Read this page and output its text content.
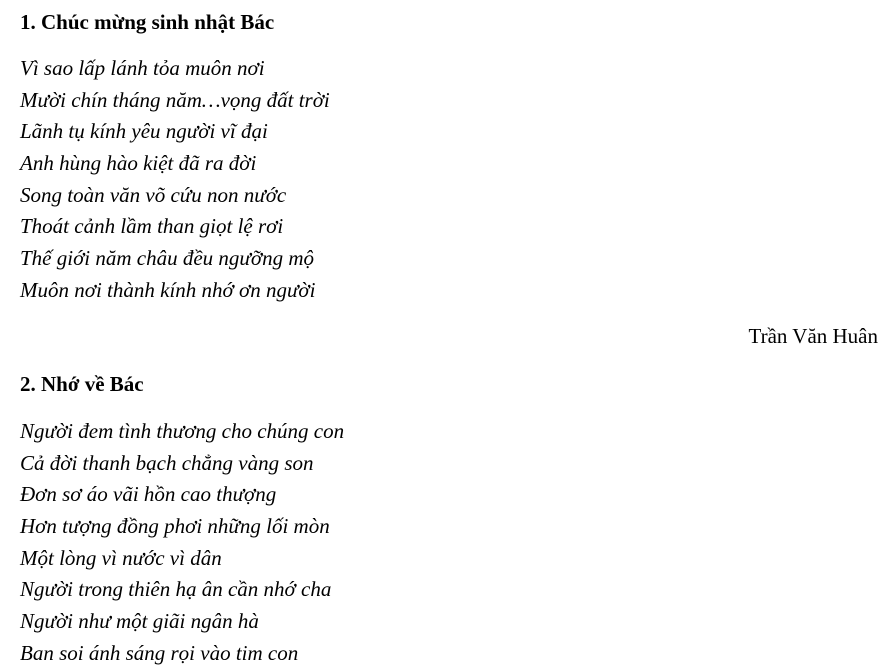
1. Chúc mừng sinh nhật Bác
Vì sao lấp lánh tỏa muôn nơi
Mười chín tháng năm…vọng đất trời
Lãnh tụ kính yêu người vĩ đại
Anh hùng hào kiệt đã ra đời
Song toàn văn võ cứu non nước
Thoát cảnh lầm than giọt lệ rơi
Thế giới năm châu đều ngưỡng mộ
Muôn nơi thành kính nhớ ơn người

Trần Văn Huân

2. Nhớ về Bác
Người đem tình thương cho chúng con
Cả đời thanh bạch chẳng vàng son
Đơn sơ áo vãi hồn cao thượng
Hơn tượng đồng phơi những lối mòn
Một lòng vì nước vì dân
Người trong thiên hạ ân cần nhớ cha
Người như một giãi ngân hà
Ban soi ánh sáng rọi vào tim con
